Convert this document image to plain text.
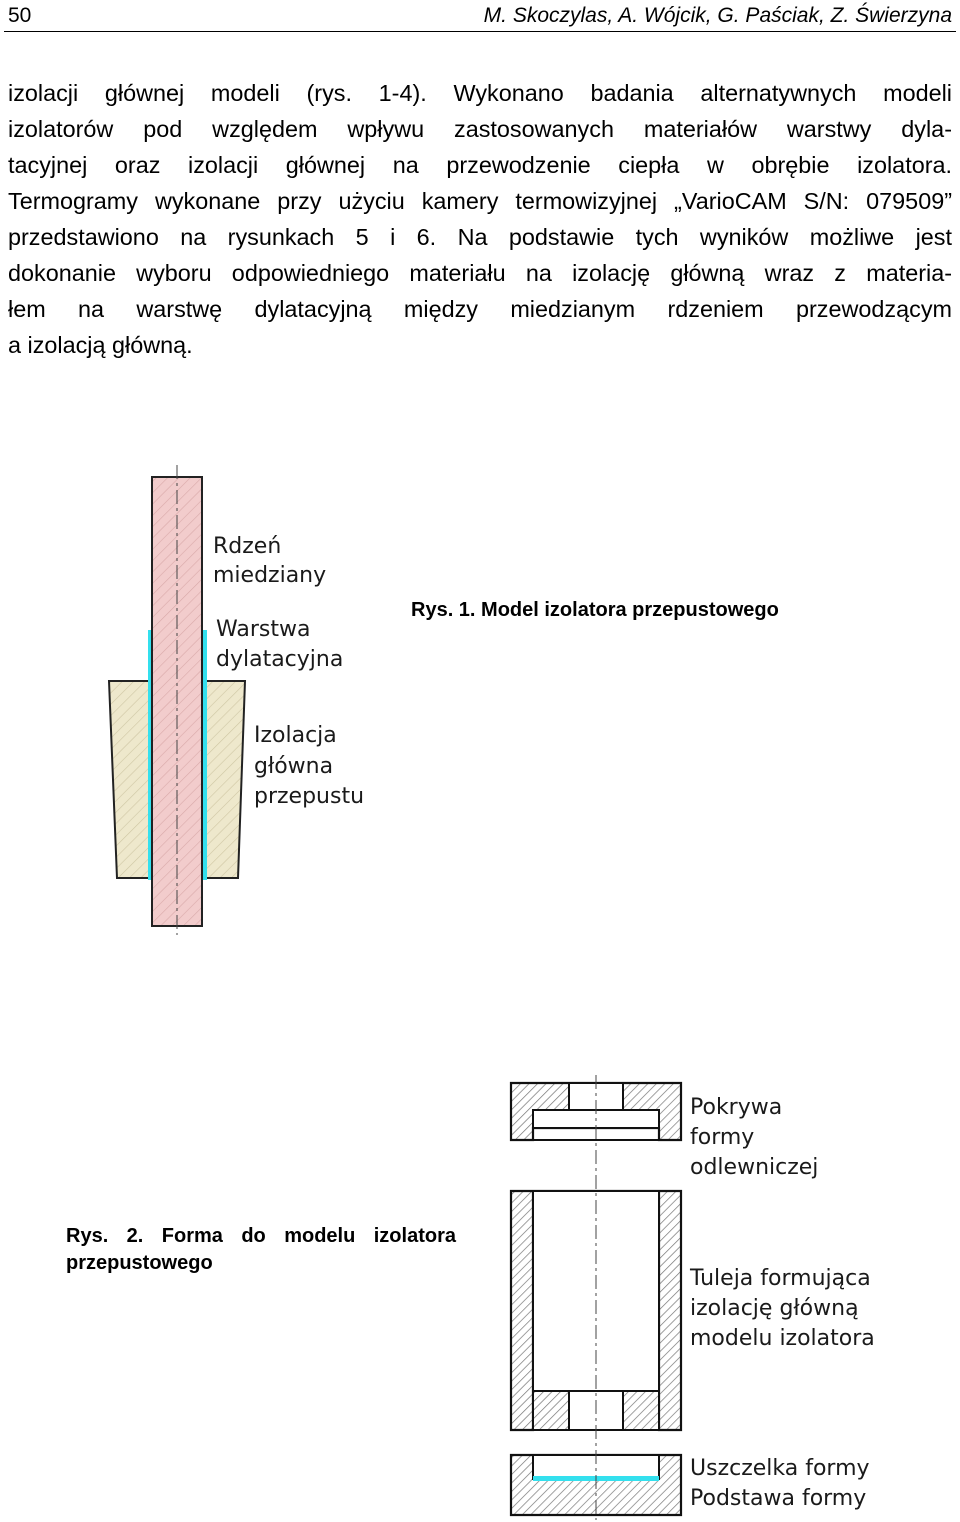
50	M. Skoczylas, A. Wójcik, G. Paściak, Z. Świerzyna
izolacji głównej modeli (rys. 1-4). Wykonano badania alternatywnych modeli
izolatorów pod względem wpływu zastosowanych materiałów warstwy dyla-
tacyjnej oraz izolacji głównej na przewodzenie ciepła w obrębie izolatora.
Termogramy wykonane przy użyciu kamery termowizyjnej „VarioCAM S/N: 079509”
przedstawiono na rysunkach 5 i 6. Na podstawie tych wyników możliwe jest
dokonanie wyboru odpowiedniego materiału na izolację główną wraz z materia-
łem na warstwę dylatacyjną między miedzianym rdzeniem przewodzącym
a izolacją główną.
Rdzeń
miedziany
Warstwa
dylatacyjna
Izolacja
główna
przepustu
Pokrywa
formy
odlewniczej
Tuleja formująca
izolację główną
modelu izolatora
Uszczelka formy
Podstawa formy
Rys. 1. Model izolatora przepustowego
Rys. 2. Forma do modelu izolatora
przepustowego
